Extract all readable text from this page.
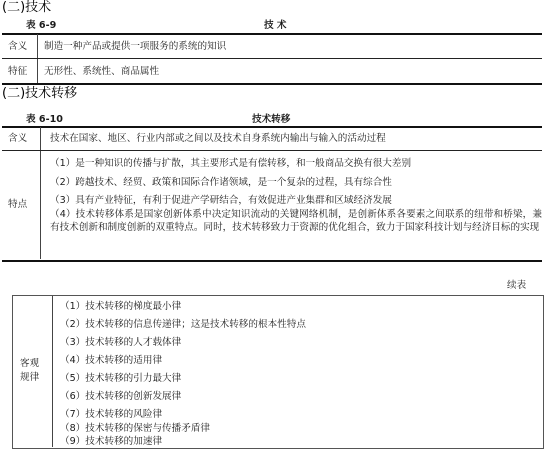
(二)技术
表 6-9	技 术
含义 制造一种产品或提供一项服务的系统的知识
特征 无形性、系统性、商品属性
(二)技术转移
表 6-10	技术转移
含义 技术在国家、地区、行业内部或之间以及技术自身系统内输出与输入的活动过程
特点
（1）是一种知识的传播与扩散，其主要形式是有偿转移，和一般商品交换有很大差别
（2）跨越技术、经贸、政策和国际合作诸领域，是一个复杂的过程，具有综合性
（3）具有产业特征，有利于促进产学研结合，有效促进产业集群和区域经济发展
（4）技术转移体系是国家创新体系中决定知识流动的关键网络机制，是创新体系各要素之间联系的纽带和桥梁，兼有技术创新和制度创新的双重特点。同时，技术转移致力于资源的优化组合，致力于国家科技计划与经济目标的实现
续表
客观
规律
（1）技术转移的梯度最小律
（2）技术转移的信息传递律；这是技术转移的根本性特点
（3）技术转移的人才载体律
（4）技术转移的适用律
（5）技术转移的引力最大律
（6）技术转移的创新发展律
（7）技术转移的风险律
（8）技术转移的保密与传播矛盾律
（9）技术转移的加速律
